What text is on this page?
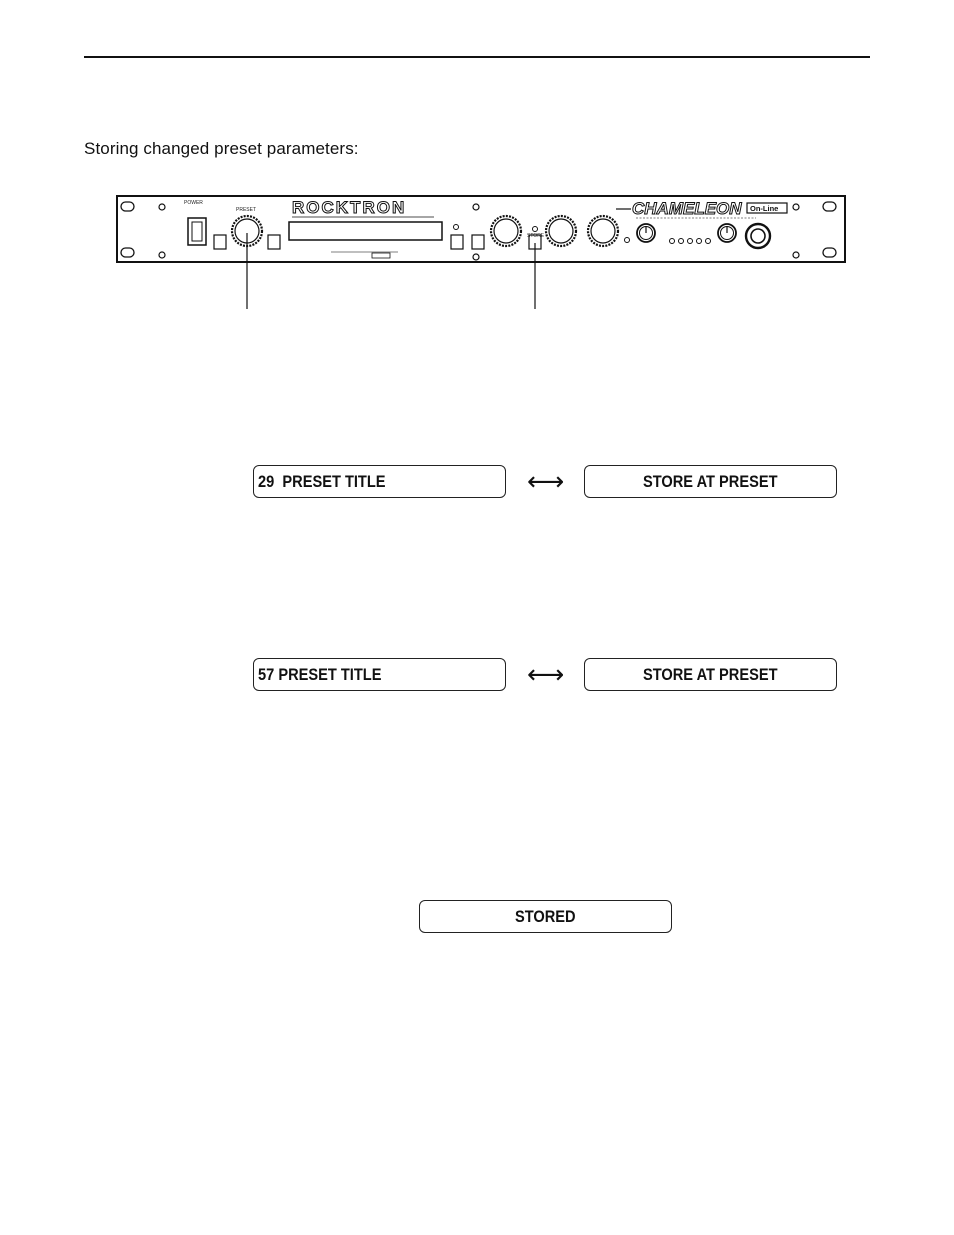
Storing changed preset parameters:
POWER
PRESET ROCKTRON
STORE
CHAMELEON On-Line
29  PRESET TITLE	⟷	STORE AT PRESET
57 PRESET TITLE	⟷	STORE AT PRESET
STORED
